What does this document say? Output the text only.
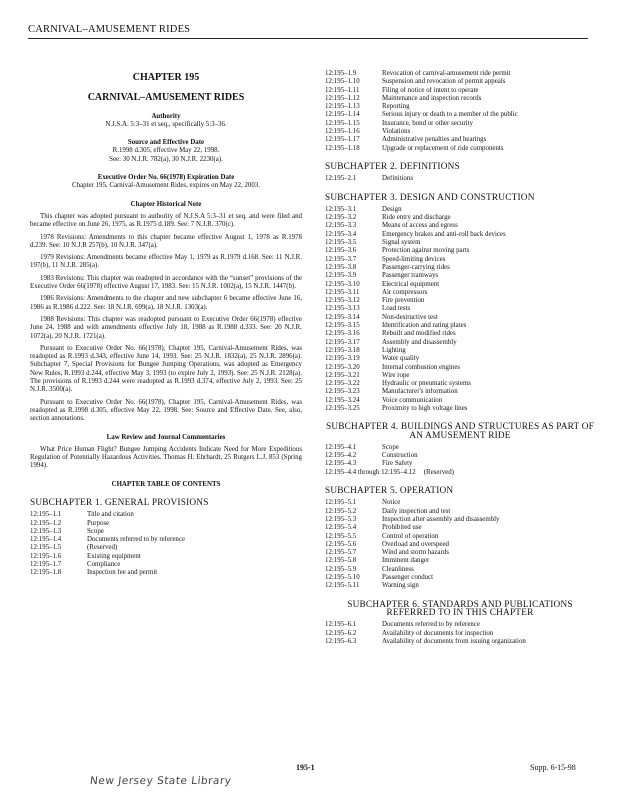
CARNIVAL–AMUSEMENT RIDES
CHAPTER 195
CARNIVAL–AMUSEMENT RIDES
Authority
N.J.S.A. 5:3–31 et seq., specifically 5:3–36.
Source and Effective Date
R.1998 d.305, effective May 22, 1998.
See: 30 N.J.R. 782(a), 30 N.J.R. 2230(a).
Executive Order No. 66(1978) Expiration Date
Chapter 195, Carnival-Amusement Rides, expires on May 22, 2003.
Chapter Historical Note
This chapter was adopted pursuant to authority of N.J.S.A 5:3–31 et seq. and were filed and became effective on June 26, 1975, as R.1975 d.189. See: 7 N.J.R. 370(c).
1978 Revisions: Amendments to this chapter became effective August 1, 1978 as R.1978 d.239. See: 10 N.J.R 257(b), 10 N.J.R. 347(a).
1979 Revisions: Amendments became effective May 1, 1979 as R.1979 d.168. See: 11 N.J.R. 197(b), 11 N.J.R. 285(a).
1983 Revisions: This chapter was readopted in accordance with the “sunset” provisions of the Executive Order 66(1978) effective August 17, 1983. See: 15 N.J.R. 1002(a), 15 N.J.R. 1447(b).
1986 Revisions: Amendments to the chapter and new subchapter 6 became effective June 16, 1986 as R.1986 d.222. See: 18 N.J.R. 699(a), 18 N.J.R. 1303(a).
1988 Revisions: This chapter was readopted pursuant to Executive Order 66(1978) effective June 24, 1988 and with amendments effective July 18, 1988 as R.1988 d.333. See: 20 N.J.R. 1072(a), 20 N.J.R. 1721(a).
Pursuant to Executive Order No. 66(1978), Chapter 195, Carnival-Amusement Rides, was readopted as R.1993 d.343, effective June 14, 1993. See: 25 N.J.R. 1832(a), 25 N.J.R. 2896(a). Subchapter 7, Special Provisions for Bungee Jumping Operations, was adopted as Emergency New Rules, R.1993 d.244, effective May 3, 1993 (to expire July 2, 1993). See: 25 N.J.R. 2128(a). The provisions of R.1993 d.244 were readopted as R.1993 d.374, effective July 2, 1993. See: 25 N.J.R. 3500(a).
Pursuant to Executive Order No. 66(1978), Chapter 195, Carnival-Amusement Rides, was readopted as R.1998 d.305, effective May 22, 1998. See: Source and Effective Date. See, also, section annotations.
Law Review and Journal Commentaries
What Price Human Flight? Bungee Jumping Accidents Indicate Need for More Expeditious Regulation of Potentially Hazardous Activities. Thomas H. Ehrhardt, 25 Rutgers L.J. 853 (Spring 1994).
CHAPTER TABLE OF CONTENTS
SUBCHAPTER 1. GENERAL PROVISIONS
12:195–1.1	Title and citation
12:195–1.2	Purpose
12:195–1.3	Scope
12:195–1.4	Documents referred to by reference
12:195–1.5	(Reserved)
12:195–1.6	Existing equipment
12:195–1.7	Compliance
12:195–1.8	Inspection fee and permit
12:195–1.9	Revocation of carnival-amusement ride permit
12:195–1.10	Suspension and revocation of permit appeals
12:195–1.11	Filing of notice of intent to operate
12:195–1.12	Maintenance and inspection records
12:195–1.13	Reporting
12:195–1.14	Serious injury or death to a member of the public
12:195–1.15	Insurance, bond or other security
12:195–1.16	Violations
12:195–1.17	Administrative penalties and hearings
12:195–1.18	Upgrade or replacement of ride components
SUBCHAPTER 2. DEFINITIONS
12:195–2.1	Definitions
SUBCHAPTER 3. DESIGN AND CONSTRUCTION
12:195–3.1	Design
12:195–3.2	Ride entry and discharge
12:195–3.3	Means of access and egress
12:195–3.4	Emergency brakes and anti-roll back devices
12:195–3.5	Signal system
12:195–3.6	Protection against moving parts
12:195–3.7	Speed-limiting devices
12:195–3.8	Passenger-carrying rides
12:195–3.9	Passenger tramways
12:195–3.10	Electrical equipment
12:195–3.11	Air compressors
12:195–3.12	Fire prevention
12:195–3.13	Load tests
12:195–3.14	Non-destructive test
12:195–3.15	Identification and rating plates
12:195–3.16	Rebuilt and modified rides
12:195–3.17	Assembly and disassembly
12:195–3.18	Lighting
12:195–3.19	Water quality
12:195–3.20	Internal combustion engines
12:195–3.21	Wire rope
12:195–3.22	Hydraulic or pneumatic systems
12:195–3.23	Manufacturer's information
12:195–3.24	Voice communication
12:195–3.25	Proximity to high voltage lines
SUBCHAPTER 4. BUILDINGS AND STRUCTURES AS PART OF AN AMUSEMENT RIDE
12:195–4.1	Scope
12:195–4.2	Construction
12:195–4.3	Fire Safety
12:195–4.4 through 12:195–4.12 (Reserved)
SUBCHAPTER 5. OPERATION
12:195–5.1	Notice
12:195–5.2	Daily inspection and test
12:195–5.3	Inspection after assembly and disassembly
12:195–5.4	Prohibited use
12:195–5.5	Control of operation
12:195–5.6	Overload and overspeed
12:195–5.7	Wind and storm hazards
12:195–5.8	Imminent danger
12:195–5.9	Cleanliness
12:195–5.10	Passenger conduct
12:195–5.11	Warning sign
SUBCHAPTER 6. STANDARDS AND PUBLICATIONS REFERRED TO IN THIS CHAPTER
12:195–6.1	Documents referred to by reference
12:195–6.2	Availability of documents for inspection
12:195–6.3	Availability of documents from issuing organization
195-1	Supp. 6-15-98
New Jersey State Library
